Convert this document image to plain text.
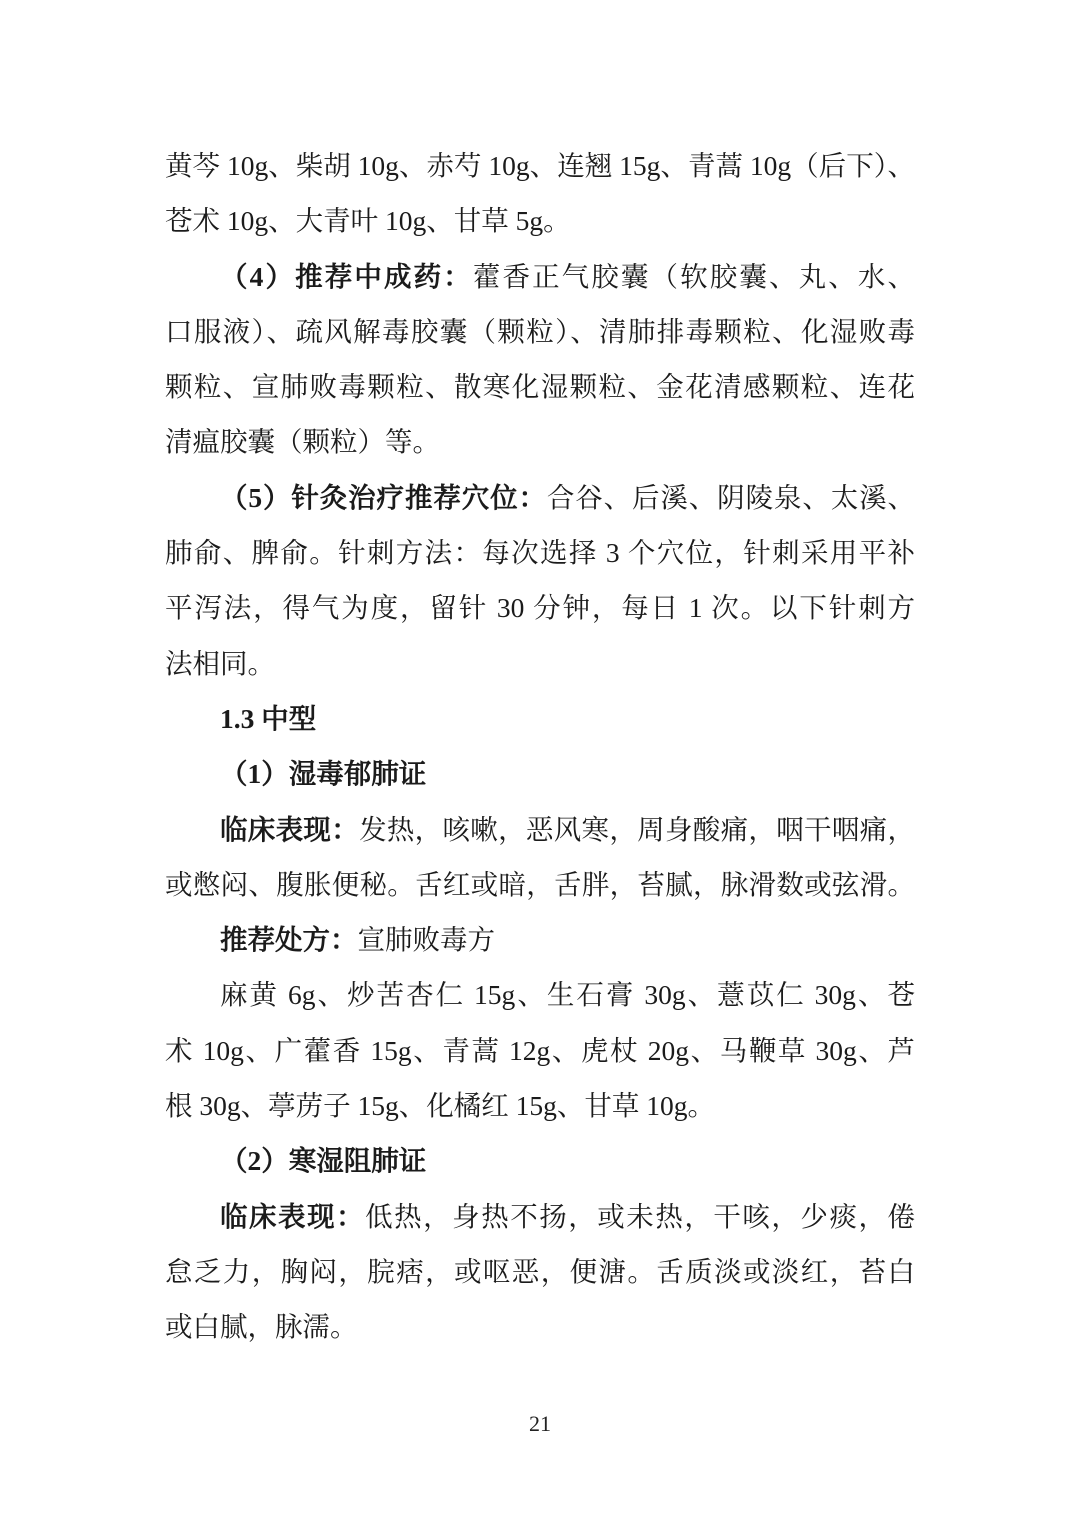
黄芩 10g、柴胡 10g、赤芍 10g、连翘 15g、青蒿 10g（后下）、
苍术 10g、大青叶 10g、甘草 5g。
（4）推荐中成药：藿香正气胶囊（软胶囊、丸、水、
口服液）、疏风解毒胶囊（颗粒）、清肺排毒颗粒、化湿败毒
颗粒、宣肺败毒颗粒、散寒化湿颗粒、金花清感颗粒、连花
清瘟胶囊（颗粒）等。
（5）针灸治疗推荐穴位：合谷、后溪、阴陵泉、太溪、
肺俞、脾俞。针刺方法：每次选择 3 个穴位，针刺采用平补
平泻法，得气为度，留针 30 分钟，每日 1 次。以下针刺方
法相同。
1.3 中型
（1）湿毒郁肺证
临床表现：发热，咳嗽，恶风寒，周身酸痛，咽干咽痛，
或憋闷、腹胀便秘。舌红或暗，舌胖，苔腻，脉滑数或弦滑。
推荐处方：宣肺败毒方
麻黄 6g、炒苦杏仁 15g、生石膏 30g、薏苡仁 30g、苍
术 10g、广藿香 15g、青蒿 12g、虎杖 20g、马鞭草 30g、芦
根 30g、葶苈子 15g、化橘红 15g、甘草 10g。
（2）寒湿阻肺证
临床表现：低热，身热不扬，或未热，干咳，少痰，倦
怠乏力，胸闷，脘痞，或呕恶，便溏。舌质淡或淡红，苔白
或白腻，脉濡。
21
